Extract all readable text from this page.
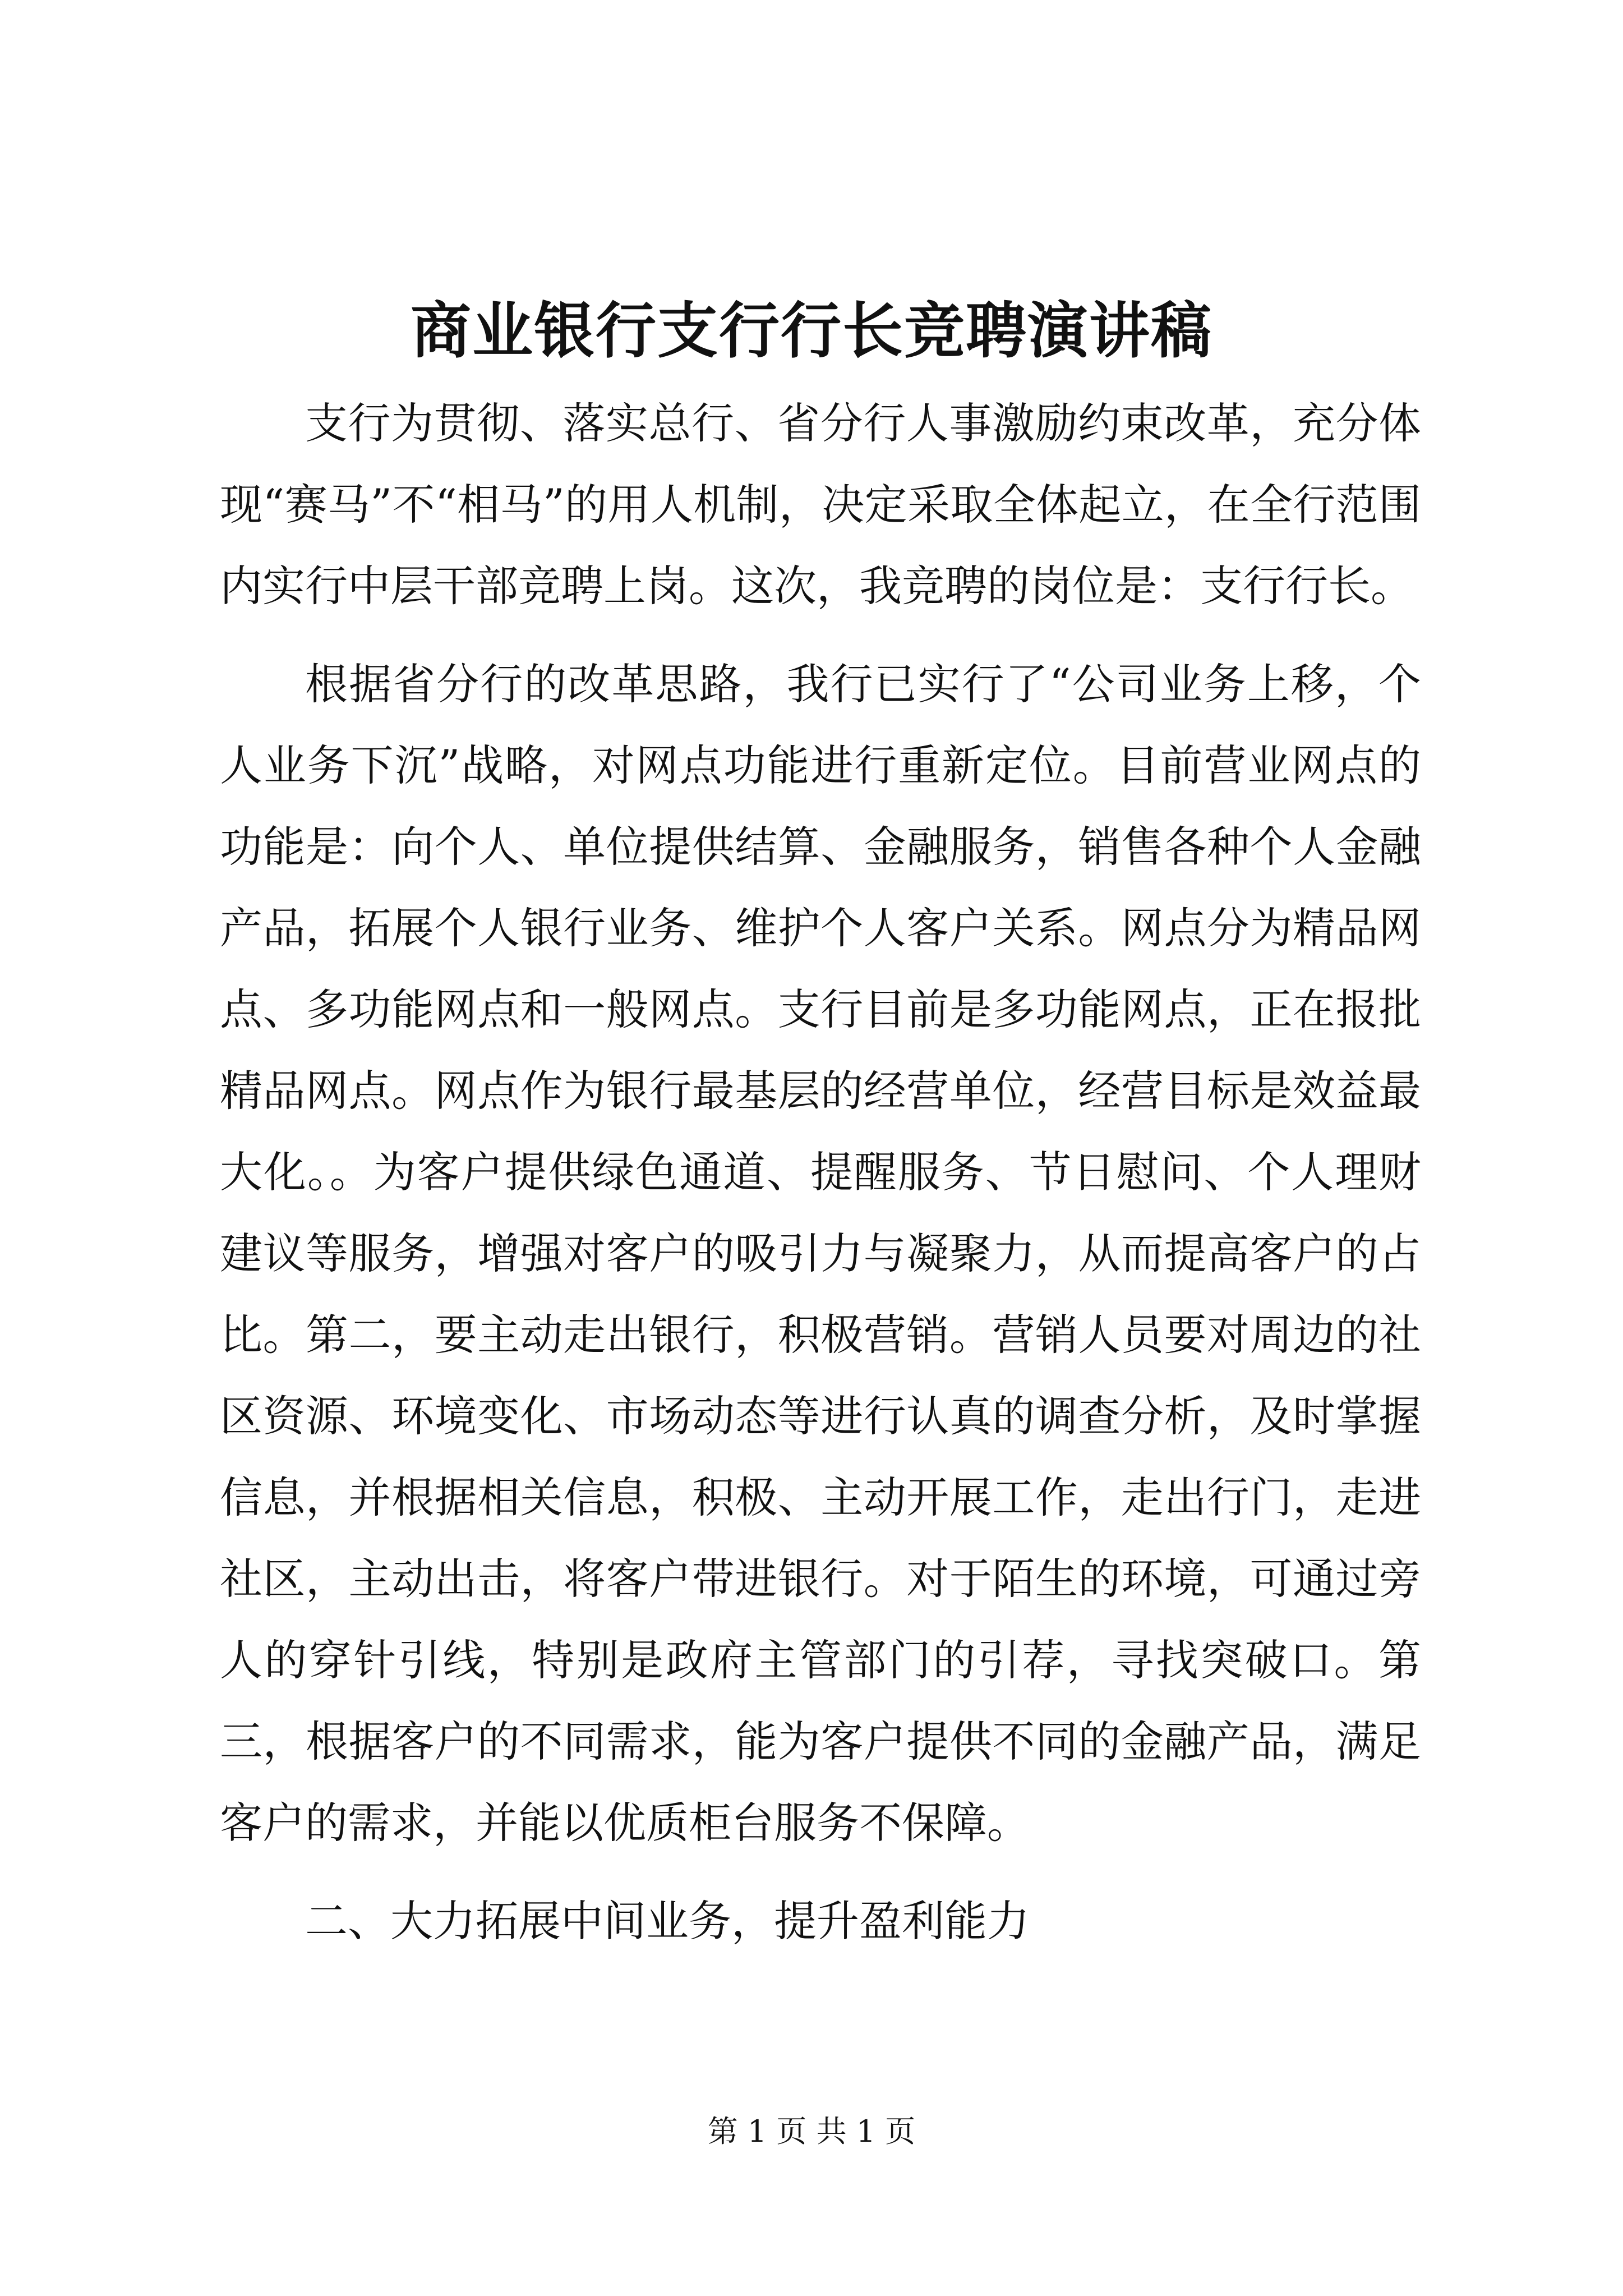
商业银行支行行长竞聘演讲稿

支行为贯彻、落实总行、省分行人事激励约束改革，充分体现“赛马”不“相马”的用人机制，决定采取全体起立，在全行范围内实行中层干部竞聘上岗。这次，我竞聘的岗位是：支行行长。

根据省分行的改革思路，我行已实行了“公司业务上移，个人业务下沉”战略，对网点功能进行重新定位。目前营业网点的功能是：向个人、单位提供结算、金融服务，销售各种个人金融产品，拓展个人银行业务、维护个人客户关系。网点分为精品网点、多功能网点和一般网点。支行目前是多功能网点，正在报批精品网点。网点作为银行最基层的经营单位，经营目标是效益最大化。。为客户提供绿色通道、提醒服务、节日慰问、个人理财建议等服务，增强对客户的吸引力与凝聚力，从而提高客户的占比。第二，要主动走出银行，积极营销。营销人员要对周边的社区资源、环境变化、市场动态等进行认真的调查分析，及时掌握信息，并根据相关信息，积极、主动开展工作，走出行门，走进社区，主动出击，将客户带进银行。对于陌生的环境，可通过旁人的穿针引线，特别是政府主管部门的引荐，寻找突破口。第三，根据客户的不同需求，能为客户提供不同的金融产品，满足客户的需求，并能以优质柜台服务不保障。

二、大力拓展中间业务，提升盈利能力

第 1 页 共 1 页
